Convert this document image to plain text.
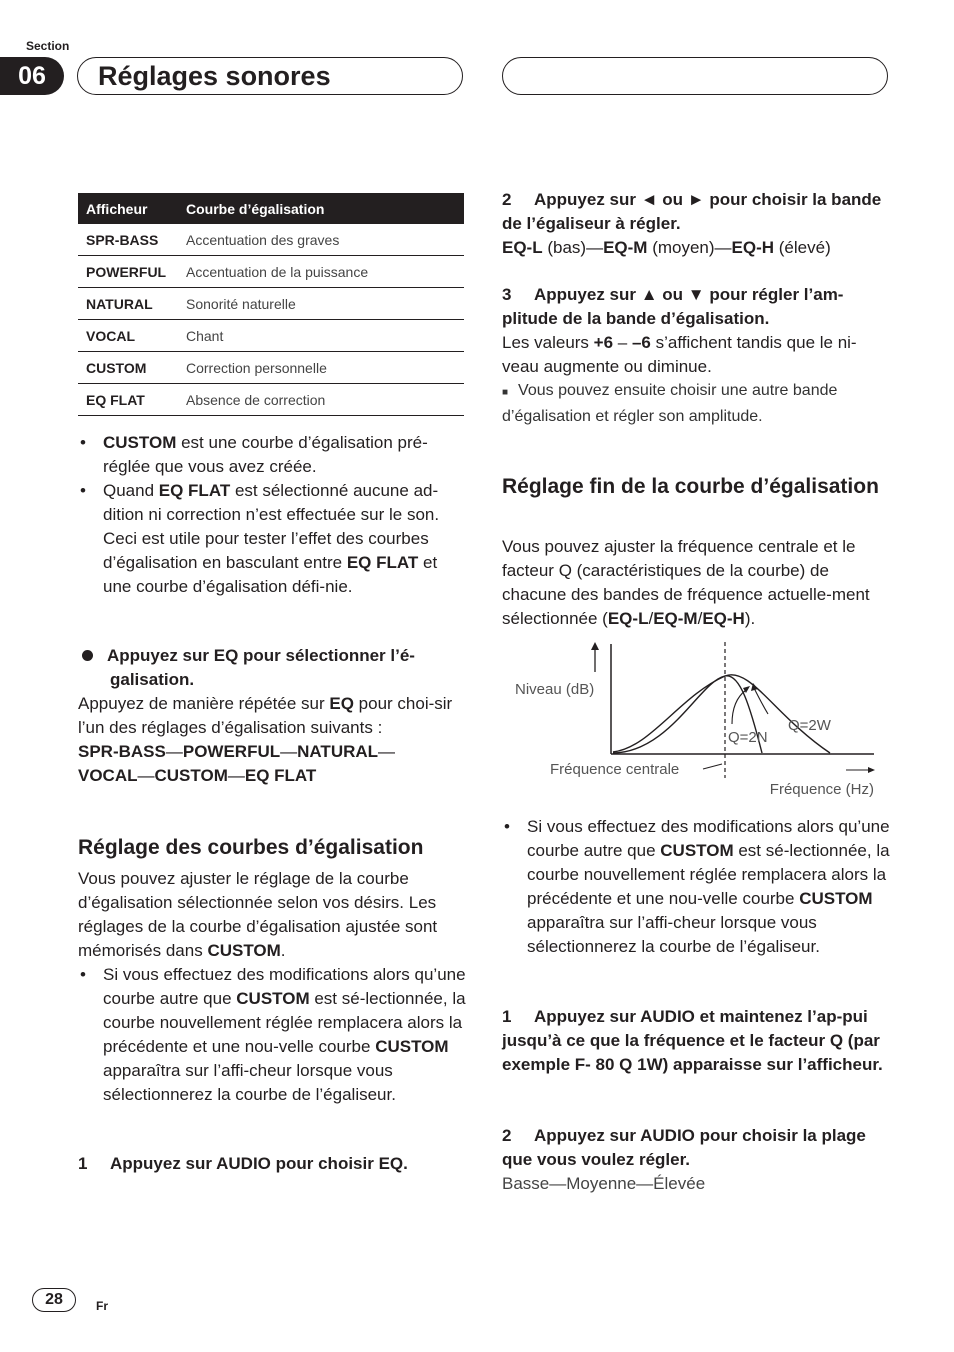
Section
06	Réglages sonores
Afficheur	Courbe d’égalisation
SPR-BASS	Accentuation des graves
POWERFUL	Accentuation de la puissance
NATURAL	Sonorité naturelle
VOCAL	Chant
CUSTOM	Correction personnelle
EQ FLAT	Absence de correction
• CUSTOM est une courbe d’égalisation pré-réglée que vous avez créée.
• Quand EQ FLAT est sélectionné aucune ad-dition ni correction n’est effectuée sur le son. Ceci est utile pour tester l’effet des courbes d’égalisation en basculant entre EQ FLAT et une courbe d’égalisation défi-nie.
Appuyez sur EQ pour sélectionner l’é-galisation.
Appuyez de manière répétée sur EQ pour choi-sir l’un des réglages d’égalisation suivants :
SPR-BASS—POWERFUL—NATURAL—
VOCAL—CUSTOM—EQ FLAT
Réglage des courbes d’égalisation
Vous pouvez ajuster le réglage de la courbe d’égalisation sélectionnée selon vos désirs. Les réglages de la courbe d’égalisation ajustée sont mémorisés dans CUSTOM.
• Si vous effectuez des modifications alors qu’une courbe autre que CUSTOM est sé-lectionnée, la courbe nouvellement réglée remplacera alors la précédente et une nou-velle courbe CUSTOM apparaîtra sur l’affi-cheur lorsque vous sélectionnerez la courbe de l’égaliseur.
1 Appuyez sur AUDIO pour choisir EQ.
2 Appuyez sur ◄ ou ► pour choisir la bande de l’égaliseur à régler.
EQ-L (bas)—EQ-M (moyen)—EQ-H (élevé)
3 Appuyez sur ▲ ou ▼ pour régler l’am-plitude de la bande d’égalisation.
Les valeurs +6 – –6 s’affichent tandis que le ni-veau augmente ou diminue.
■ Vous pouvez ensuite choisir une autre bande d’égalisation et régler son amplitude.
Réglage fin de la courbe d’égalisation
Vous pouvez ajuster la fréquence centrale et le facteur Q (caractéristiques de la courbe) de chacune des bandes de fréquence actuelle-ment sélectionnée (EQ-L/EQ-M/EQ-H).
Niveau (dB)
Q=2N
Q=2W
Fréquence centrale
Fréquence (Hz)
• Si vous effectuez des modifications alors qu’une courbe autre que CUSTOM est sé-lectionnée, la courbe nouvellement réglée remplacera alors la précédente et une nou-velle courbe CUSTOM apparaîtra sur l’affi-cheur lorsque vous sélectionnerez la courbe de l’égaliseur.
1 Appuyez sur AUDIO et maintenez l’ap-pui jusqu’à ce que la fréquence et le facteur Q (par exemple F- 80 Q 1W) apparaisse sur l’afficheur.
2 Appuyez sur AUDIO pour choisir la plage que vous voulez régler.
Basse—Moyenne—Élevée
28	Fr
